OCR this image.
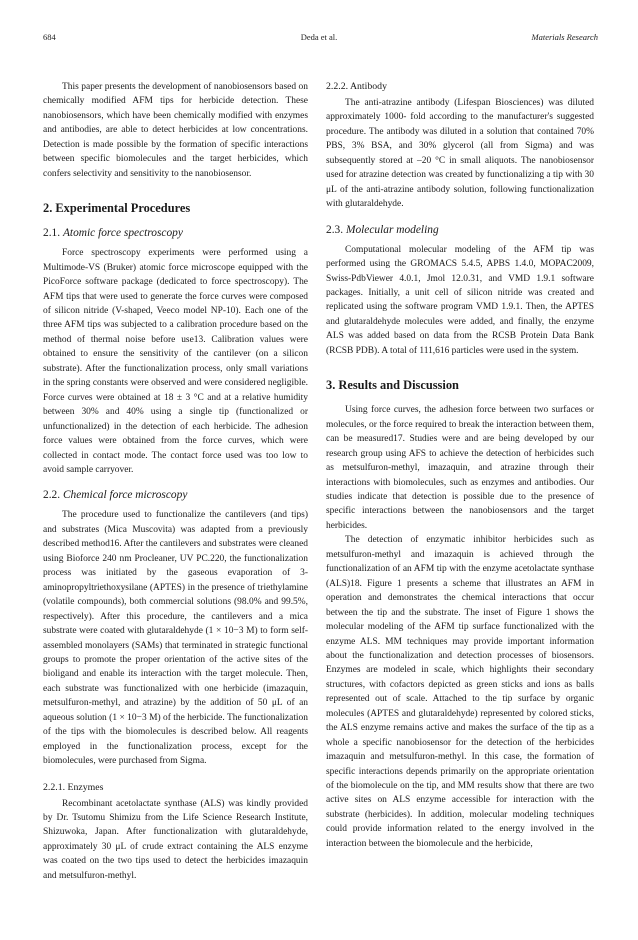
684	Deda et al.	Materials Research

This paper presents the development of nanobiosensors based on chemically modified AFM tips for herbicide detection. These nanobiosensors, which have been chemically modified with enzymes and antibodies, are able to detect herbicides at low concentrations. Detection is made possible by the formation of specific interactions between specific biomolecules and the target herbicides, which confers selectivity and sensitivity to the nanobiosensor.

2. Experimental Procedures
2.1. Atomic force spectroscopy

Force spectroscopy experiments were performed using a Multimode-VS (Bruker) atomic force microscope equipped with the PicoForce software package (dedicated to force spectroscopy). The AFM tips that were used to generate the force curves were composed of silicon nitride (V-shaped, Veeco model NP-10). Each one of the three AFM tips was subjected to a calibration procedure based on the method of thermal noise before use13. Calibration values were obtained to ensure the sensitivity of the cantilever (on a silicon substrate). After the functionalization process, only small variations in the spring constants were observed and were considered negligible. Force curves were obtained at 18 ± 3 °C and at a relative humidity between 30% and 40% using a single tip (functionalized or unfunctionalized) in the detection of each herbicide. The adhesion force values were obtained from the force curves, which were collected in contact mode. The contact force used was too low to avoid sample carryover.

2.2. Chemical force microscopy

The procedure used to functionalize the cantilevers (and tips) and substrates (Mica Muscovita) was adapted from a previously described method16. After the cantilevers and substrates were cleaned using Bioforce 240 nm Procleaner, UV PC.220, the functionalization process was initiated by the gaseous evaporation of 3-aminopropyltriethoxysilane (APTES) in the presence of triethylamine (volatile compounds), both commercial solutions (98.0% and 99.5%, respectively). After this procedure, the cantilevers and a mica substrate were coated with glutaraldehyde (1 × 10−3 M) to form self-assembled monolayers (SAMs) that terminated in strategic functional groups to promote the proper orientation of the active sites of the bioligand and enable its interaction with the target molecule. Then, each substrate was functionalized with one herbicide (imazaquin, metsulfuron-methyl, and atrazine) by the addition of 50 μL of an aqueous solution (1 × 10−3 M) of the herbicide. The functionalization of the tips with the biomolecules is described below. All reagents employed in the functionalization process, except for the biomolecules, were purchased from Sigma.

2.2.1. Enzymes

Recombinant acetolactate synthase (ALS) was kindly provided by Dr. Tsutomu Shimizu from the Life Science Research Institute, Shizuwoka, Japan. After functionalization with glutaraldehyde, approximately 30 μL of crude extract containing the ALS enzyme was coated on the two tips used to detect the herbicides imazaquin and metsulfuron-methyl.

2.2.2. Antibody

The anti-atrazine antibody (Lifespan Biosciences) was diluted approximately 1000- fold according to the manufacturer's suggested procedure. The antibody was diluted in a solution that contained 70% PBS, 3% BSA, and 30% glycerol (all from Sigma) and was subsequently stored at –20 °C in small aliquots. The nanobiosensor used for atrazine detection was created by functionalizing a tip with 30 μL of the anti-atrazine antibody solution, following functionalization with glutaraldehyde.

2.3. Molecular modeling

Computational molecular modeling of the AFM tip was performed using the GROMACS 5.4.5, APBS 1.4.0, MOPAC2009, Swiss-PdbViewer 4.0.1, Jmol 12.0.31, and VMD 1.9.1 software packages. Initially, a unit cell of silicon nitride was created and replicated using the software program VMD 1.9.1. Then, the APTES and glutaraldehyde molecules were added, and finally, the enzyme ALS was added based on data from the RCSB Protein Data Bank (RCSB PDB). A total of 111,616 particles were used in the system.

3. Results and Discussion

Using force curves, the adhesion force between two surfaces or molecules, or the force required to break the interaction between them, can be measured17. Studies were and are being developed by our research group using AFS to achieve the detection of herbicides such as metsulfuron-methyl, imazaquin, and atrazine through their interactions with biomolecules, such as enzymes and antibodies. Our studies indicate that detection is possible due to the presence of specific interactions between the nanobiosensors and the target herbicides.

The detection of enzymatic inhibitor herbicides such as metsulfuron-methyl and imazaquin is achieved through the functionalization of an AFM tip with the enzyme acetolactate synthase (ALS)18. Figure 1 presents a scheme that illustrates an AFM in operation and demonstrates the chemical interactions that occur between the tip and the substrate. The inset of Figure 1 shows the molecular modeling of the AFM tip surface functionalized with the enzyme ALS. MM techniques may provide important information about the functionalization and detection processes of biosensors. Enzymes are modeled in scale, which highlights their secondary structures, with cofactors depicted as green sticks and ions as balls represented out of scale. Attached to the tip surface by organic molecules (APTES and glutaraldehyde) represented by colored sticks, the ALS enzyme remains active and makes the surface of the tip as a whole a specific nanobiosensor for the detection of the herbicides imazaquin and metsulfuron-methyl. In this case, the formation of specific interactions depends primarily on the appropriate orientation of the biomolecule on the tip, and MM results show that there are two active sites on ALS enzyme accessible for interaction with the substrate (herbicides). In addition, molecular modeling techniques could provide information related to the energy involved in the interaction between the biomolecule and the herbicide,
